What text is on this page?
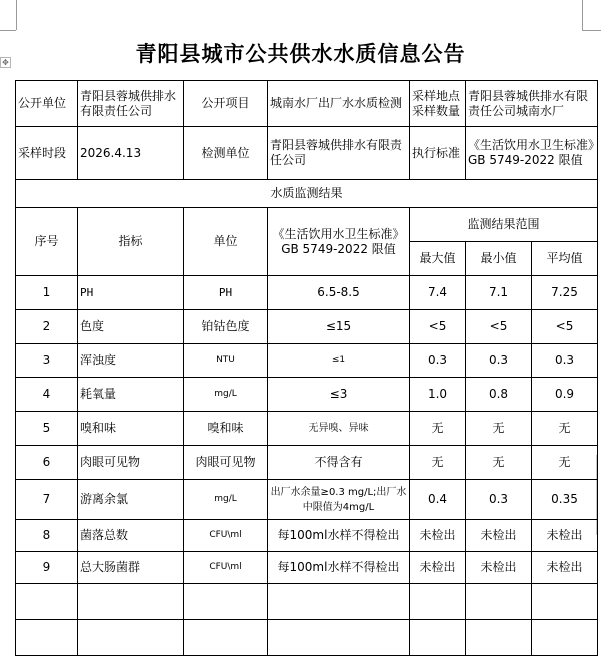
✥	青阳县城市公共供水水质信息公告
公开单位	青阳县蓉城供排水有限责任公司	公开项目	城南水厂出厂水水质检测	采样地点采样数量	青阳县蓉城供排水有限责任公司城南水厂	
采样时段	2026.4.13	检测单位	青阳县蓉城供排水有限责任公司	执行标准	《生活饮用水卫生标准》GB 5749-2022 限值	
水质监测结果						
序号	指标	单位	《生活饮用水卫生标准》GB 5749-2022 限值	监测结果范围		
				最大值	最小值	平均值
1	PH	PH	6.5-8.5	7.4	7.1	7.25
2	色度	铂钴色度	≤15	<5	<5	<5
3	浑浊度	NTU	≤1	0.3	0.3	0.3
4	耗氧量	mg/L	≤3	1.0	0.8	0.9
5	嗅和味	嗅和味	无异嗅、异味	无	无	无
6	肉眼可见物	肉眼可见物	不得含有	无	无	无
7	游离余氯	mg/L	出厂水余量≥0.3 mg/L;出厂水中限值为4mg/L	0.4	0.3	0.35
8	菌落总数	CFU\ml	每100ml水样不得检出	未检出	未检出	未检出
9	总大肠菌群	CFU\ml	每100ml水样不得检出	未检出	未检出	未检出
